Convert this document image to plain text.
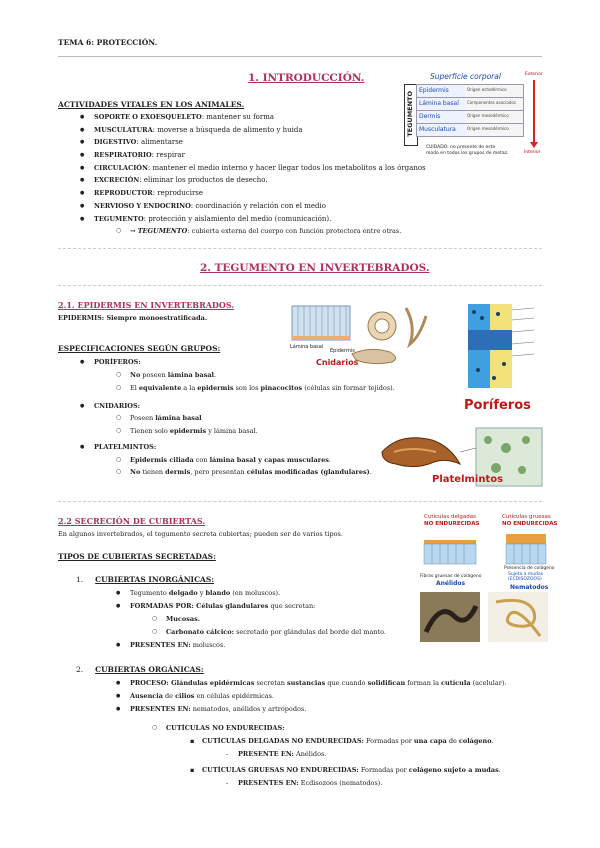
TEMA 6: PROTECCIÓN.
1. INTRODUCCIÓN.
ACTIVIDADES VITALES EN LOS ANIMALES.
● SOPORTE O EXOESQUELETO: mantener su forma
● MUSCULATURA: moverse a búsqueda de alimento y huida
● DIGESTIVO: alimentarse
● RESPIRATORIO: respirar
● CIRCULACIÓN: mantener el medio interno y hacer llegar todos los metabolitos a los órganos
● EXCRECIÓN: eliminar los productos de desecho.
● REPRODUCTOR: reproducirse
● NERVIOSO Y ENDOCRINO: coordinación y relación con el medio
● TEGUMENTO: protección y aislamiento del medio (comunicación).
○ → TEGUMENTO: cubierta externa del cuerpo con función protectora entre otras.
Superficie corporal
TEGUMENTO
Epidermis	Origen ectodérmico
Lámina basal	Componentes asociados
Dermis	Origen mesodérmico
Musculatura	Origen mesodérmico
Exterior
Interior
CUIDADO: no presente de este
modo en todos los grupos de metaz.
2. TEGUMENTO EN INVERTEBRADOS.
2.1. EPIDERMIS EN INVERTEBRADOS.
EPIDERMIS: Siempre monoestratificada.
ESPECIFICACIONES SEGÚN GRUPOS:
● PORÍFEROS:
○ No poseen lámina basal.
○ El equivalente a la epidermis son los pinacocitos (células sin formar tejidos).
● CNIDARIOS:
○ Poseen lámina basal
○ Tienen solo epidermis y lámina basal.
● PLATELMINTOS:
○ Epidermis ciliada con lámina basal y capas musculares.
○ No tienen dermis, pero presentan células modificadas (glandulares).
Lámina basal
Epidermis
Cnidarios
Poríferos
Platelmintos
2.2 SECRECIÓN DE CUBIERTAS.
En algunos invertebrados, el tegumento secreta cubiertas; pueden ser de varios tipos.
TIPOS DE CUBIERTAS SECRETADAS:
1. CUBIERTAS INORGÁNICAS:
● Tegumento delgado y blando (en moluscos).
● FORMADAS POR: Células glandulares que secretan:
○ Mucosas.
○ Carbonato cálcico: secretado por glándulas del borde del manto.
● PRESENTES EN: moluscos.
2. CUBIERTAS ORGÁNICAS:
● PROCESO: Glándulas epidérmicas secretan sustancias que cuando solidifican forman la cutícula (acelular).
● Ausencia de cilios en células epidérmicas.
● PRESENTES EN: nematodos, anélidos y artrópodos.
○ CUTÍCULAS NO ENDURECIDAS:
▪ CUTÍCULAS DELGADAS NO ENDURECIDAS: Formadas por una capa de colágeno.
- PRESENTE EN: Anélidos.
▪ CUTÍCULAS GRUESAS NO ENDURECIDAS: Formadas por colágeno sujeto a mudas.
- PRESENTES EN: Ecdisozoos (nematodos).
Cutículas delgadas
NO ENDURECIDAS
Cutículas gruesas
NO ENDURECIDAS
Fibras gruesas de colágeno
Anélidos
Presencia de colágeno
Sujeta a mudas
(ECDISOZOOS)
Nematodos
